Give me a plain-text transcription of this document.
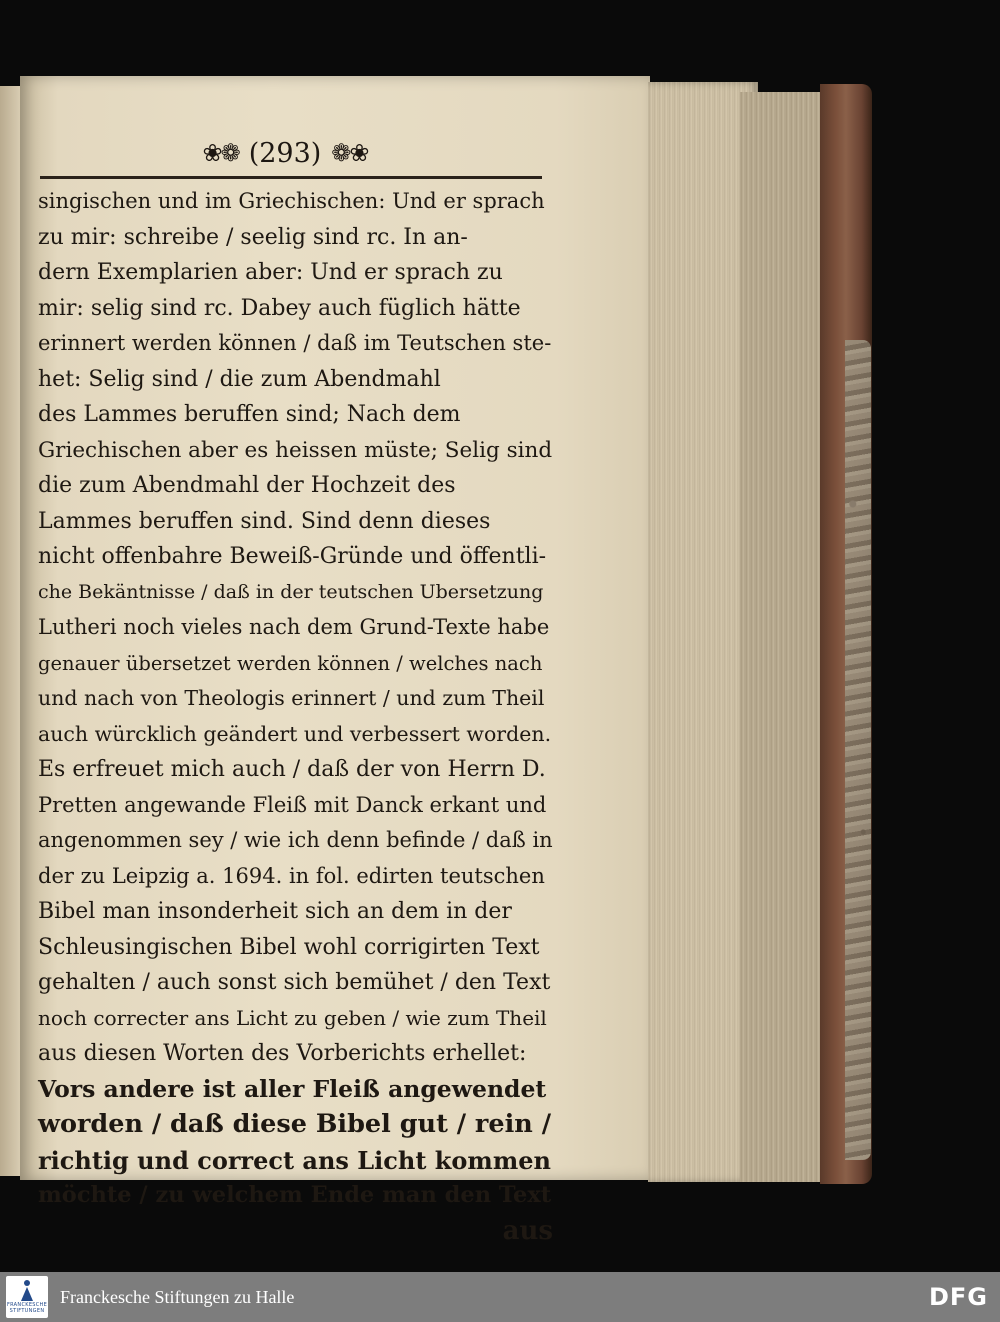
❀❁ (293) ❁❀
singischen und im Griechischen: Und er sprach
zu mir: schreibe / seelig sind rc. In an-
dern Exemplarien aber: Und er sprach zu
mir: selig sind rc. Dabey auch füglich hätte
erinnert werden können / daß im Teutschen ste-
het: Selig sind / die zum Abendmahl
des Lammes beruffen sind; Nach dem
Griechischen aber es heissen müste; Selig sind
die zum Abendmahl der Hochzeit des
Lammes beruffen sind. Sind denn dieses
nicht offenbahre Beweiß-Gründe und öffentli-
che Bekäntnisse / daß in der teutschen Ubersetzung
Lutheri noch vieles nach dem Grund-Texte habe
genauer übersetzet werden können / welches nach
und nach von Theologis erinnert / und zum Theil
auch würcklich geändert und verbessert worden.
Es erfreuet mich auch / daß der von Herrn D.
Pretten angewande Fleiß mit Danck erkant und
angenommen sey / wie ich denn befinde / daß in
der zu Leipzig a. 1694. in fol. edirten teutschen
Bibel man insonderheit sich an dem in der
Schleusingischen Bibel wohl corrigirten Text
gehalten / auch sonst sich bemühet / den Text
noch correcter ans Licht zu geben / wie zum Theil
aus diesen Worten des Vorberichts erhellet:
Vors andere ist aller Fleiß angewendet
worden / daß diese Bibel gut / rein /
richtig und correct ans Licht kommen
möchte / zu welchem Ende man den Text
aus
FRANCKESCHE STIFTUNGEN
Franckesche Stiftungen zu Halle	DFG
